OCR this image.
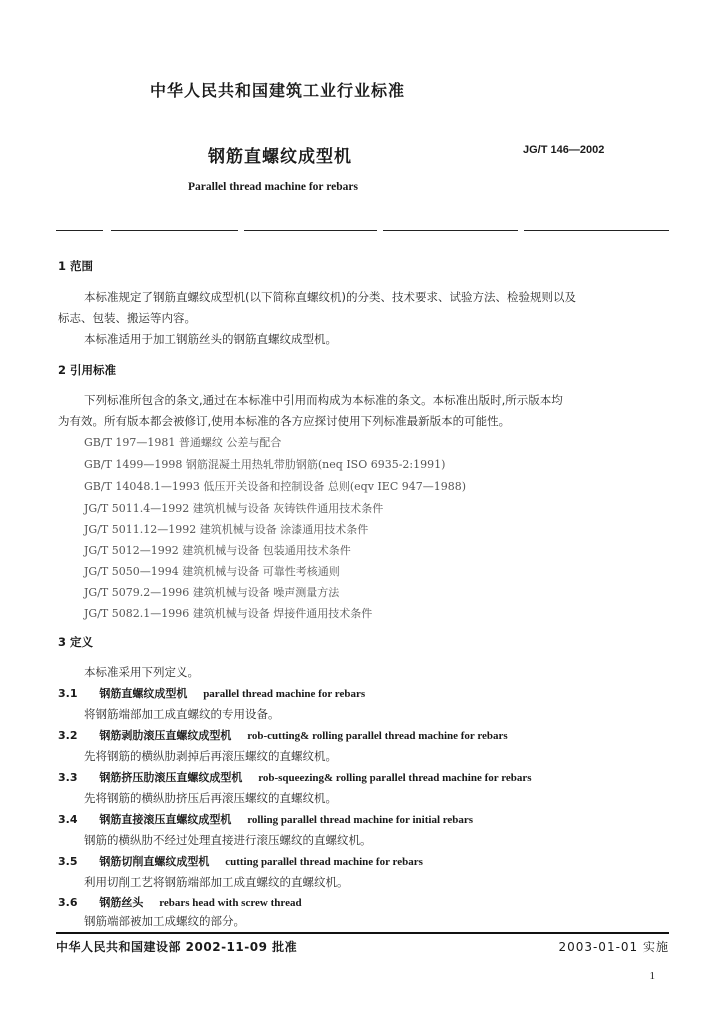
中华人民共和国建筑工业行业标准
钢筋直螺纹成型机	JG/T 146—2002
Parallel thread machine for rebars
1 范围
本标准规定了钢筋直螺纹成型机(以下简称直螺纹机)的分类、技术要求、试验方法、检验规则以及
标志、包装、搬运等内容。
本标准适用于加工钢筋丝头的钢筋直螺纹成型机。
2 引用标准
下列标准所包含的条文,通过在本标准中引用而构成为本标准的条文。本标准出版时,所示版本均
为有效。所有版本都会被修订,使用本标准的各方应探讨使用下列标准最新版本的可能性。
GB/T 197—1981 普通螺纹 公差与配合
GB/T 1499—1998 钢筋混凝土用热轧带肋钢筋(neq ISO 6935-2:1991)
GB/T 14048.1—1993 低压开关设备和控制设备 总则(eqv IEC 947—1988)
JG/T 5011.4—1992 建筑机械与设备 灰铸铁件通用技术条件
JG/T 5011.12—1992 建筑机械与设备 涂漆通用技术条件
JG/T 5012—1992 建筑机械与设备 包装通用技术条件
JG/T 5050—1994 建筑机械与设备 可靠性考核通则
JG/T 5079.2—1996 建筑机械与设备 噪声测量方法
JG/T 5082.1—1996 建筑机械与设备 焊接件通用技术条件
3 定义
本标准采用下列定义。
3.1 钢筋直螺纹成型机 parallel thread machine for rebars
将钢筋端部加工成直螺纹的专用设备。
3.2 钢筋剥肋滚压直螺纹成型机 rob-cutting& rolling parallel thread machine for rebars
先将钢筋的横纵肋剥掉后再滚压螺纹的直螺纹机。
3.3 钢筋挤压肋滚压直螺纹成型机 rob-squeezing& rolling parallel thread machine for rebars
先将钢筋的横纵肋挤压后再滚压螺纹的直螺纹机。
3.4 钢筋直接滚压直螺纹成型机 rolling parallel thread machine for initial rebars
钢筋的横纵肋不经过处理直接进行滚压螺纹的直螺纹机。
3.5 钢筋切削直螺纹成型机 cutting parallel thread machine for rebars
利用切削工艺将钢筋端部加工成直螺纹的直螺纹机。
3.6 钢筋丝头 rebars head with screw thread
钢筋端部被加工成螺纹的部分。
中华人民共和国建设部 2002-11-09 批准	2003-01-01 实施
1
